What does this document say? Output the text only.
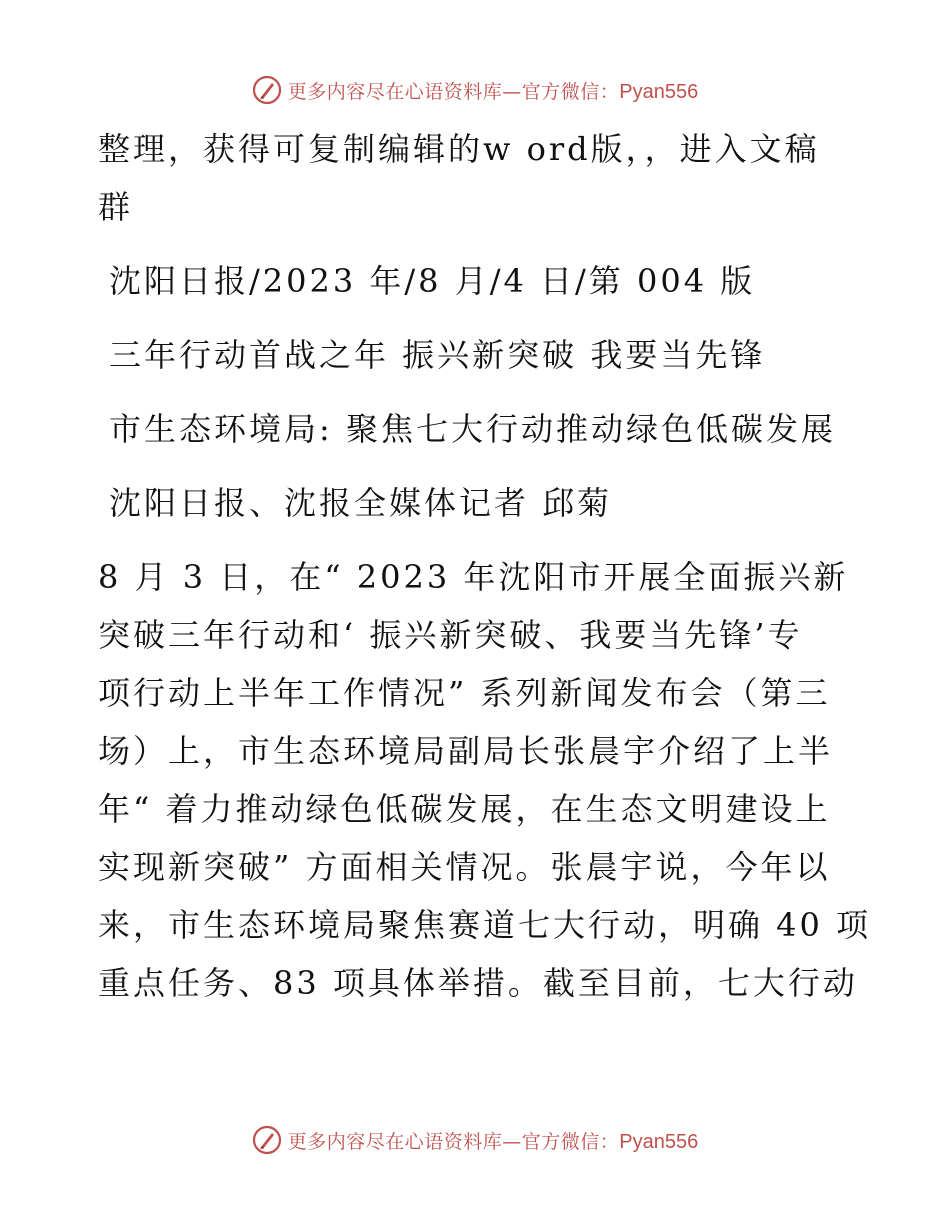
更多内容尽在心语资料库—官方微信：Pyan556

整理，获得可复制编辑的w ord版，，进入文稿

群

沈阳日报/2023 年/8 月/4 日/第 004 版

三年行动首战之年 振兴新突破 我要当先锋

市生态环境局: 聚焦七大行动推动绿色低碳发展

沈阳日报、沈报全媒体记者 邱菊

8 月 3 日，在“ 2023 年沈阳市开展全面振兴新

突破三年行动和‘ 振兴新突破、我要当先锋’专

项行动上半年工作情况” 系列新闻发布会（第三

场）上，市生态环境局副局长张晨宇介绍了上半

年“ 着力推动绿色低碳发展，在生态文明建设上

实现新突破” 方面相关情况。张晨宇说，今年以

来，市生态环境局聚焦赛道七大行动，明确 40 项

重点任务、83 项具体举措。截至目前，七大行动

更多内容尽在心语资料库—官方微信：Pyan556
